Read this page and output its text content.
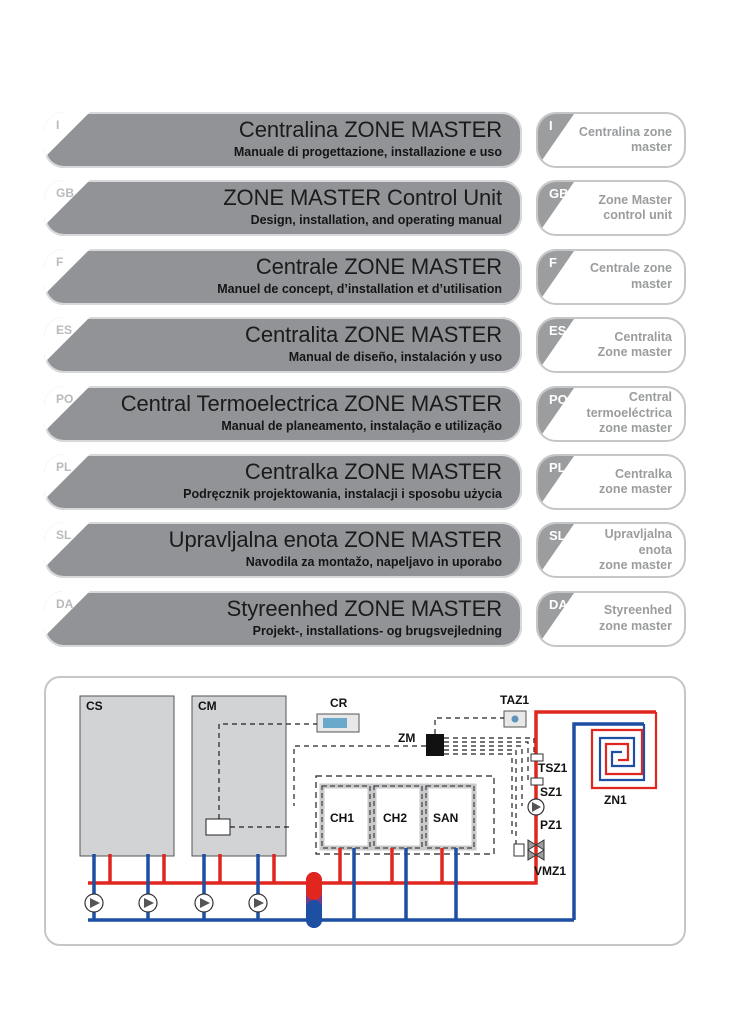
I	Centralina ZONE MASTER
Manuale di progettazione, installazione e uso
I Centralina zone
master
GB	ZONE MASTER Control Unit
Design, installation, and operating manual
GB Zone Master
control unit
F	Centrale ZONE MASTER
Manuel de concept, d’installation et d’utilisation
F	Centrale zone
master
ES	Centralita ZONE MASTER
Manual de diseño, instalación y uso
ES	Centralita
Zone master
PO Central Termoelectrica ZONE MASTER
Manual de planeamento, instalação e utilização
PO	Central
termoeléctrica
zone master
PL	Centralka ZONE MASTER
Podręcznik projektowania, instalacji i sposobu użycia
PL	Centralka
zone master
SL	Upravljalna enota ZONE MASTER
Navodila za montažo, napeljavo in uporabo
SL	Upravljalna
enota
zone master
DA	Styreenhed ZONE MASTER
Projekt-, installations- og brugsvejledning
DA	Styreenhed
zone master
CS	CM	CR
ZM
TAZ1
CH1 CH2 SAN
ZN1
TSZ1
SZ1
PZ1
VMZ1
